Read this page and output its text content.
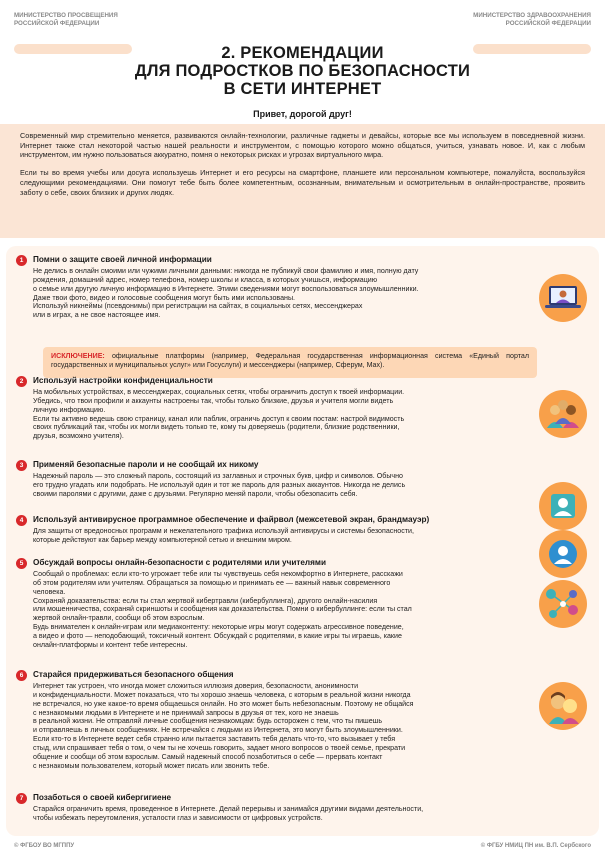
МИНИСТЕРСТВО ПРОСВЕЩЕНИЯ
РОССИЙСКОЙ ФЕДЕРАЦИИ
МИНИСТЕРСТВО ЗДРАВООХРАНЕНИЯ
РОССИЙСКОЙ ФЕДЕРАЦИИ
2. РЕКОМЕНДАЦИИ
ДЛЯ ПОДРОСТКОВ ПО БЕЗОПАСНОСТИ
В СЕТИ ИНТЕРНЕТ
Привет, дорогой друг!

Современный мир стремительно меняется, развиваются онлайн-технологии, различные гаджеты и девайсы, которые все мы используем в повседневной жизни. Интернет также стал некоторой частью нашей реальности и инструментом, с помощью которого можно общаться, учиться, узнавать новое. И, как с любым инструментом, им нужно пользоваться аккуратно, помня о некоторых рисках и угрозах виртуального мира.

Если ты во время учебы или досуга используешь Интернет и его ресурсы на смартфоне, планшете или персональном компьютере, пожалуйста, воспользуйся следующими рекомендациями. Они помогут тебе быть более компетентным, осознанным, внимательным и осмотрительным в онлайн-пространстве, проявить заботу о себе, своих близких и других людях.

1	Помни о защите своей личной информации
Не делись в онлайн смоими или чужими личными данными: никогда не публикуй свои фамилию и имя, полную дату
рождения, домашний адрес, номер телефона, номер школы и класса, в которых учишься, информацию
о семье или другую личную информацию в Интернете. Этими сведениями могут воспользоваться злоумышленники.
Даже твои фото, видео и голосовые сообщения могут быть ими использованы.
Используй никнеймы (псевдонимы) при регистрации на сайтах, в социальных сетях, мессенджерах
или в играх, а не свое настоящее имя.
ИСКЛЮЧЕНИЕ: официальные платформы (например, Федеральная государственная информационная система «Единый портал государственных и муниципальных услуг» или Госуслуги) и мессенджеры (например, Сферум, Max).
2	Используй настройки конфиденциальности
На мобильных устройствах, в мессенджерах, социальных сетях, чтобы ограничить доступ к твоей информации.
Убедись, что твои профили и аккаунты настроены так, чтобы только близкие, друзья и учителя могли видеть
личную информацию.
Если ты активно ведешь свою страницу, канал или паблик, ограничь доступ к своим постам: настрой видимость
своих публикаций так, чтобы их могли видеть только те, кому ты доверяешь (родители, близкие родственники,
друзья, возможно учителя).
3	Применяй безопасные пароли и не сообщай их никому
Надежный пароль — это сложный пароль, состоящий из заглавных и строчных букв, цифр и символов. Обычно
его трудно угадать или подобрать. Не используй один и тот же пароль для разных аккаунтов. Никогда не делись
своими паролями с другими, даже с друзьями. Регулярно меняй пароли, чтобы обезопасить себя.
4	Используй антивирусное программное обеспечение и файрвол (межсетевой экран, брандмауэр)
Для защиты от вредоносных программ и нежелательного трафика используй антивирусы и системы безопасности,
которые действуют как барьер между компьютерной сетью и внешним миром.
5	Обсуждай вопросы онлайн-безопасности с родителями или учителями
Сообщай о проблемах: если кто-то угрожает тебе или ты чувствуешь себя некомфортно в Интернете, расскажи
об этом родителям или учителям. Обращаться за помощью и принимать ее — важный навык современного
человека.
Сохраняй доказательства: если ты стал жертвой кибертравли (кибербуллинга), другого онлайн-насилия
или мошенничества, сохраняй скриншоты и сообщения как доказательства. Помни о кибербуллинге: если ты стал
жертвой онлайн-травли, сообщи об этом взрослым.
Будь внимателен к онлайн-играм или медиаконтенту: некоторые игры могут содержать агрессивное поведение,
а видео и фото — неподобающий, токсичный контент. Обсуждай с родителями, в какие игры ты играешь, какие
онлайн-платформы и контент тебе интересны.
6	Старайся придерживаться безопасного общения
Интернет так устроен, что иногда может сложиться иллюзия доверия, безопасности, анонимности
и конфиденциальности. Может показаться, что ты хорошо знаешь человека, с которым в реальной жизни никогда
не встречался, но уже какое-то время общаешься онлайн. Но это может быть небезопасным. Поэтому не общайся
с незнакомыми людьми в Интернете и не принимай запросы в друзья от тех, кого не знаешь
в реальной жизни. Не отправляй личные сообщения незнакомцам: будь осторожен с тем, что ты пишешь
и отправляешь в личных сообщениях. Не встречайся с людьми из Интернета, это могут быть злоумышленники.
Если кто-то в Интернете ведет себя странно или пытается заставить тебя делать что-то, что вызывает у тебя
стыд, или спрашивает тебя о том, о чем ты не хочешь говорить, задает много вопросов о твоей семье, прекрати
общение и сообщи об этом взрослым. Самый надежный способ позаботиться о себе — прервать контакт
с незнакомым пользователем, который может писать или звонить тебе.
7	Позаботься о своей кибергигиене
Старайся ограничить время, проведенное в Интернете. Делай перерывы и занимайся другими видами деятельности,
чтобы избежать переутомления, усталости глаз и зависимости от цифровых устройств.
© ФГБОУ ВО МГППУ	© ФГБУ НМИЦ ПН им. В.П. Сербского
